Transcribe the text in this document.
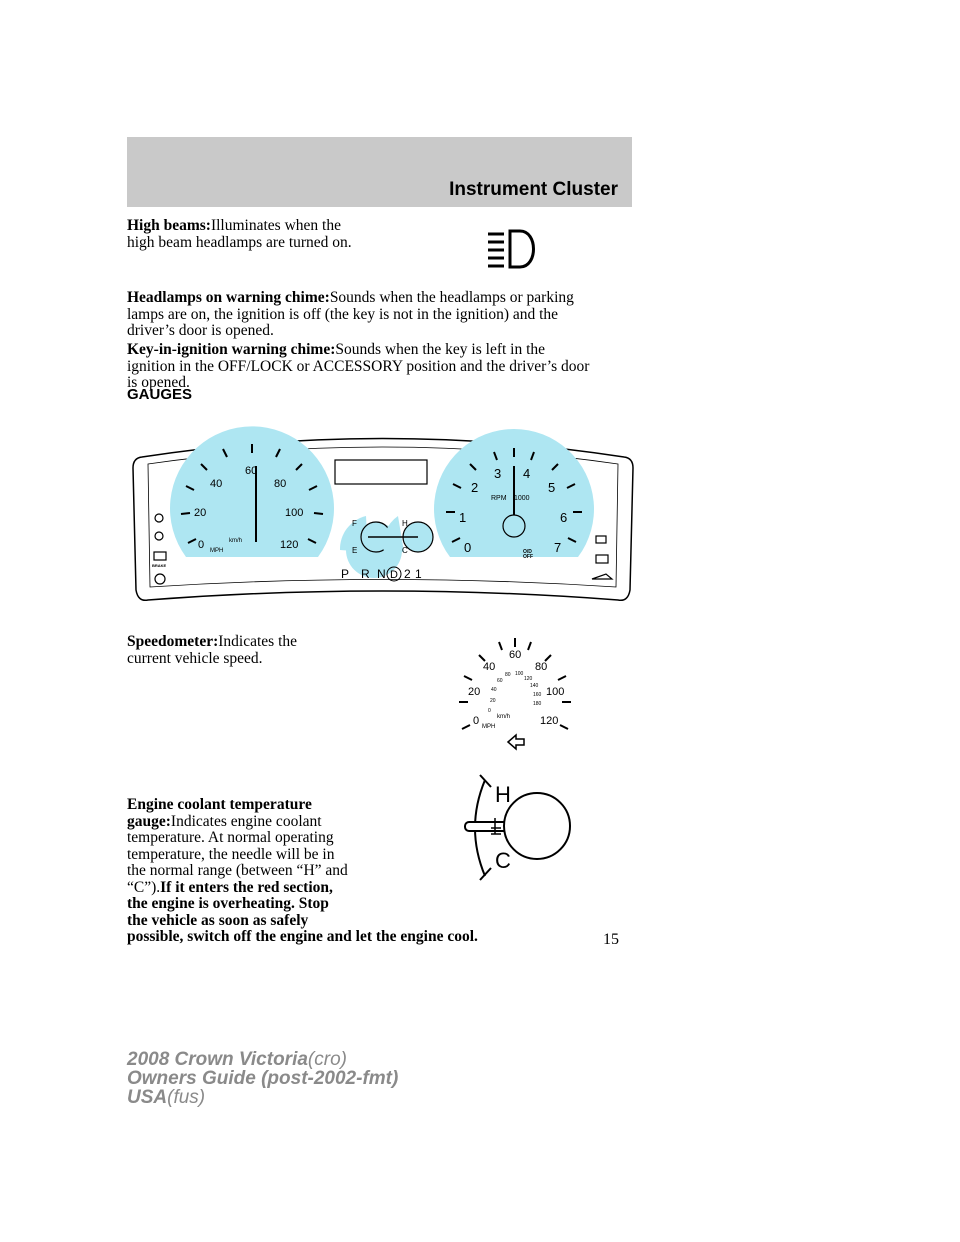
Instrument Cluster
High beams:Illuminates when the
high beam headlamps are turned on.
Headlamps on warning chime:Sounds when the headlamps or parking
lamps are on, the ignition is off (the key is not in the ignition) and the
driver’s door is opened.
Key-in-ignition warning chime:Sounds when the key is left in the
ignition in the OFF/LOCK or ACCESSORY position and the driver’s door
is opened.
GAUGES
0
20
40
60
80
100
120
MPH
km/h
F
E
H
C	0
1
2
3 4
5
6
7
RPM 1000
O/D
OFF
P R N D 2 1
BRAKE
Speedometer:Indicates the
current vehicle speed.
0
20
40
60
80
100
120
0
20
40
60
80 100
120
140
160
180
km/h
MPH
Engine coolant temperature
gauge:Indicates engine coolant
temperature. At normal operating
temperature, the needle will be in
the normal range (between “H” and
“C”).If it enters the red section,
the engine is overheating. Stop
the vehicle as soon as safely
possible, switch off the engine and let the engine cool.
H
C
15
2008 Crown Victoria(cro)
Owners Guide (post-2002-fmt)
USA(fus)
